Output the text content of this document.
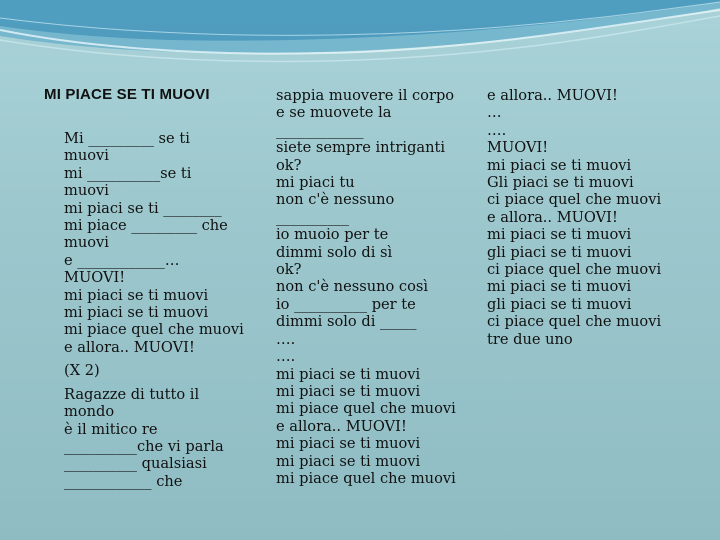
MI PIACE SE TI MUOVI
Mi _________ se ti
muovi
mi __________se ti
muovi
mi piaci se ti ________
mi piace _________ che
muovi
e ____________…
MUOVI!
mi piaci se ti muovi
mi piaci se ti muovi
mi piace quel che muovi
e allora.. MUOVI!
(X 2)
Ragazze di tutto il
mondo
è il mitico re
__________che vi parla
__________ qualsiasi
____________ che
sappia muovere il corpo
e se muovete la
____________
siete sempre intriganti
ok?
mi piaci tu
non c'è nessuno
__________
io muoio per te
dimmi solo di sì
ok?
non c'è nessuno così
io __________ per te
dimmi solo di _____
….
….
mi piaci se ti muovi
mi piaci se ti muovi
mi piace quel che muovi
e allora.. MUOVI!
mi piaci se ti muovi
mi piaci se ti muovi
mi piace quel che muovi
e allora.. MUOVI!
…
….
MUOVI!
mi piaci se ti muovi
Gli piaci se ti muovi
ci piace quel che muovi
e allora.. MUOVI!
mi piaci se ti muovi
gli piaci se ti muovi
ci piace quel che muovi
mi piaci se ti muovi
gli piaci se ti muovi
ci piace quel che muovi
tre due uno
